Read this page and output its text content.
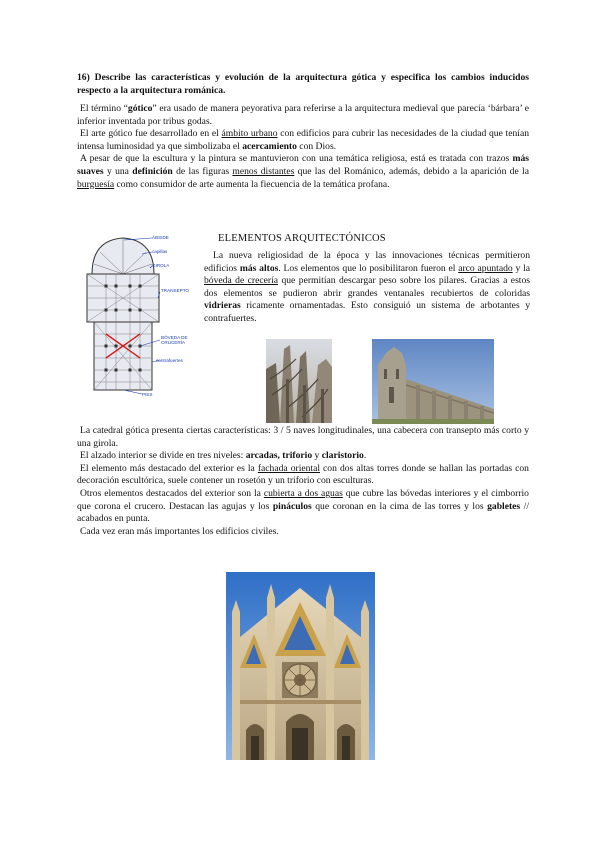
16) Describe las características y evolución de la arquitectura gótica y especifica los cambios inducidos respecto a la arquitectura románica.

El término “gótico” era usado de manera peyorativa para referirse a la arquitectura medieval que parecía ‘bárbara’ e inferior inventada por tribus godas.

El arte gótico fue desarrollado en el ámbito urbano con edificios para cubrir las necesidades de la ciudad que tenían intensa luminosidad ya que simbolizaba el acercamiento con Dios.

A pesar de que la escultura y la pintura se mantuvieron con una temática religiosa, está es tratada con trazos más suaves y una definición de las figuras menos distantes que las del Románico, además, debido a la aparición de la burguesía como consumidor de arte aumenta la fiecuencia de la temática profana.

ÁBSIDE
capillas
GIROLA
TRANSEPTO
BÓVEDA DE CRUCERÍA
contrafuertes
PIES
ELEMENTOS ARQUITECTÓNICOS

La nueva religiosidad de la época y las innovaciones técnicas permitieron edificios más altos. Los elementos que lo posibilitaron fueron el arco apuntado y la bóveda de crecería que permitían descargar peso sobre los pilares. Gracias a estos dos elementos se pudieron abrir grandes ventanales recubiertos de coloridas vidrieras ricamente ornamentadas. Esto consiguió un sistema de arbotantes y contrafuertes.

La catedral gótica presenta ciertas características: 3 / 5 naves longitudinales, una cabecera con transepto más corto y una girola.

El alzado interior se divide en tres niveles: arcadas, triforio y claristorio.

El elemento más destacado del exterior es la fachada oriental con dos altas torres donde se hallan las portadas con decoración escultórica, suele contener un rosetón y un triforio con esculturas.

Otros elementos destacados del exterior son la cubierta a dos aguas que cubre las bóvedas interiores y el cimborrio que corona el crucero. Destacan las agujas y los pináculos que coronan en la cima de las torres y los gabletes // acabados en punta.

Cada vez eran más importantes los edificios civiles.
